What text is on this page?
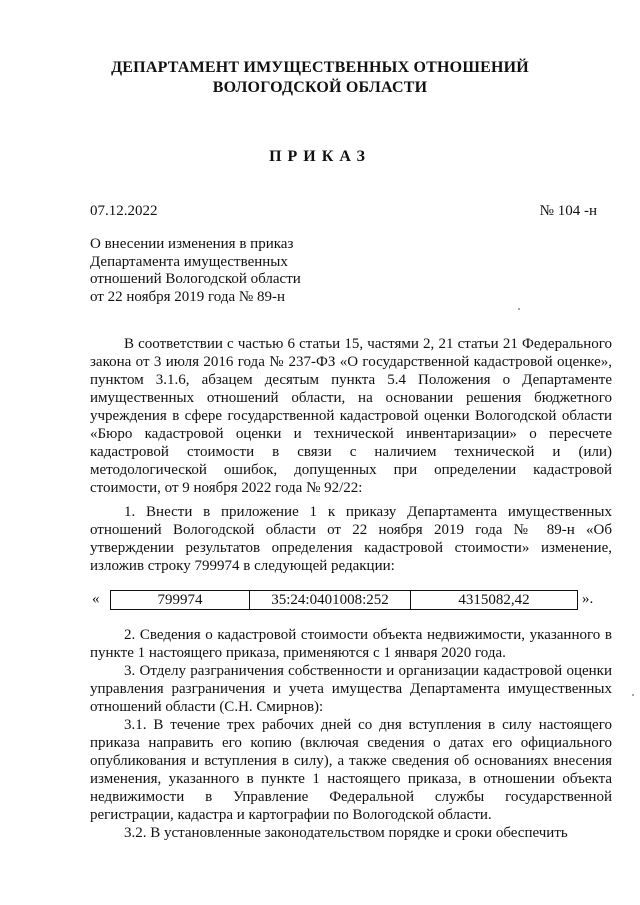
ДЕПАРТАМЕНТ ИМУЩЕСТВЕННЫХ ОТНОШЕНИЙ
ВОЛОГОДСКОЙ ОБЛАСТИ
ПРИКАЗ
07.12.2022	№ 104 -н
О внесении изменения в приказ
Департамента имущественных
отношений Вологодской области
от 22 ноября 2019 года № 89-н

В соответствии с частью 6 статьи 15, частями 2, 21 статьи 21 Федерального закона от 3 июля 2016 года № 237-ФЗ «О государственной кадастровой оценке», пунктом 3.1.6, абзацем десятым пункта 5.4 Положения о Департаменте имущественных отношений области, на основании решения бюджетного учреждения в сфере государственной кадастровой оценки Вологодской области «Бюро кадастровой оценки и технической инвентаризации» о пересчете кадастровой стоимости в связи с наличием технической и (или) методологической ошибок, допущенных при определении кадастровой стоимости, от 9 ноября 2022 года № 92/22:

1. Внести в приложение 1 к приказу Департамента имущественных отношений Вологодской области от 22 ноября 2019 года № 89-н «Об утверждении результатов определения кадастровой стоимости» изменение, изложив строку 799974 в следующей редакции:

«	799974	35:24:0401008:252	4315082,42	».

2. Сведения о кадастровой стоимости объекта недвижимости, указанного в пункте 1 настоящего приказа, применяются с 1 января 2020 года.

3. Отделу разграничения собственности и организации кадастровой оценки управления разграничения и учета имущества Департамента имущественных отношений области (С.Н. Смирнов):

3.1. В течение трех рабочих дней со дня вступления в силу настоящего приказа направить его копию (включая сведения о датах его официального опубликования и вступления в силу), а также сведения об основаниях внесения изменения, указанного в пункте 1 настоящего приказа, в отношении объекта недвижимости в Управление Федеральной службы государственной регистрации, кадастра и картографии по Вологодской области.

3.2. В установленные законодательством порядке и сроки обеспечить
